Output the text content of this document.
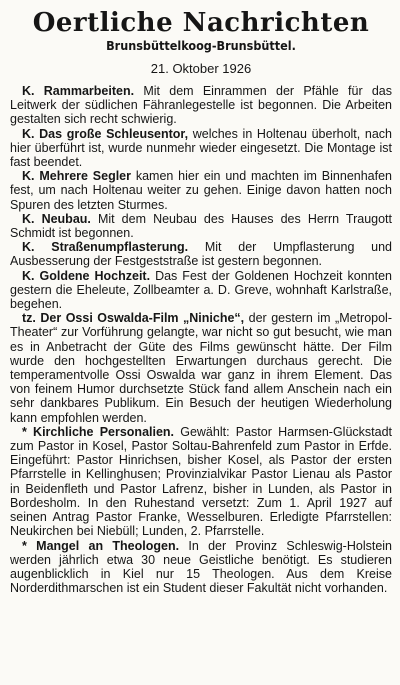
Oertliche Nachrichten
Brunsbüttelkoog-Brunsbüttel.
21. Oktober 1926

K. Rammarbeiten. Mit dem Einrammen der Pfähle für das Leitwerk der südlichen Fähranlegestelle ist begonnen. Die Arbeiten gestalten sich recht schwierig.

K. Das große Schleusentor, welches in Holtenau überholt, nach hier überführt ist, wurde nunmehr wieder eingesetzt. Die Montage ist fast beendet.

K. Mehrere Segler kamen hier ein und machten im Binnenhafen fest, um nach Holtenau weiter zu gehen. Einige davon hatten noch Spuren des letzten Sturmes.

K. Neubau. Mit dem Neubau des Hauses des Herrn Traugott Schmidt ist begonnen.

K. Straßenumpflasterung. Mit der Umpflasterung und Ausbesserung der Festgeststraße ist gestern begonnen.

K. Goldene Hochzeit. Das Fest der Goldenen Hochzeit konnten gestern die Eheleute, Zollbeamter a. D. Greve, wohnhaft Karlstraße, begehen.

tz. Der Ossi Oswalda-Film „Niniche“, der gestern im „Metropol-Theater“ zur Vorführung gelangte, war nicht so gut besucht, wie man es in Anbetracht der Güte des Films gewünscht hätte. Der Film wurde den hochgestellten Erwartungen durchaus gerecht. Die temperamentvolle Ossi Oswalda war ganz in ihrem Element. Das von feinem Humor durchsetzte Stück fand allem Anschein nach ein sehr dankbares Publikum. Ein Besuch der heutigen Wiederholung kann empfohlen werden.

* Kirchliche Personalien. Gewählt: Pastor Harmsen-Glückstadt zum Pastor in Kosel, Pastor Soltau-Bahrenfeld zum Pastor in Erfde. Eingeführt: Pastor Hinrichsen, bisher Kosel, als Pastor der ersten Pfarrstelle in Kellinghusen; Provinzialvikar Pastor Lienau als Pastor in Beidenfleth und Pastor Lafrenz, bisher in Lunden, als Pastor in Bordesholm. In den Ruhestand versetzt: Zum 1. April 1927 auf seinen Antrag Pastor Franke, Wesselburen. Erledigte Pfarrstellen: Neukirchen bei Niebüll; Lunden, 2. Pfarrstelle.

* Mangel an Theologen. In der Provinz Schleswig-Holstein werden jährlich etwa 30 neue Geistliche benötigt. Es studieren augenblicklich in Kiel nur 15 Theologen. Aus dem Kreise Norderdithmarschen ist ein Student dieser Fakultät nicht vorhanden.
